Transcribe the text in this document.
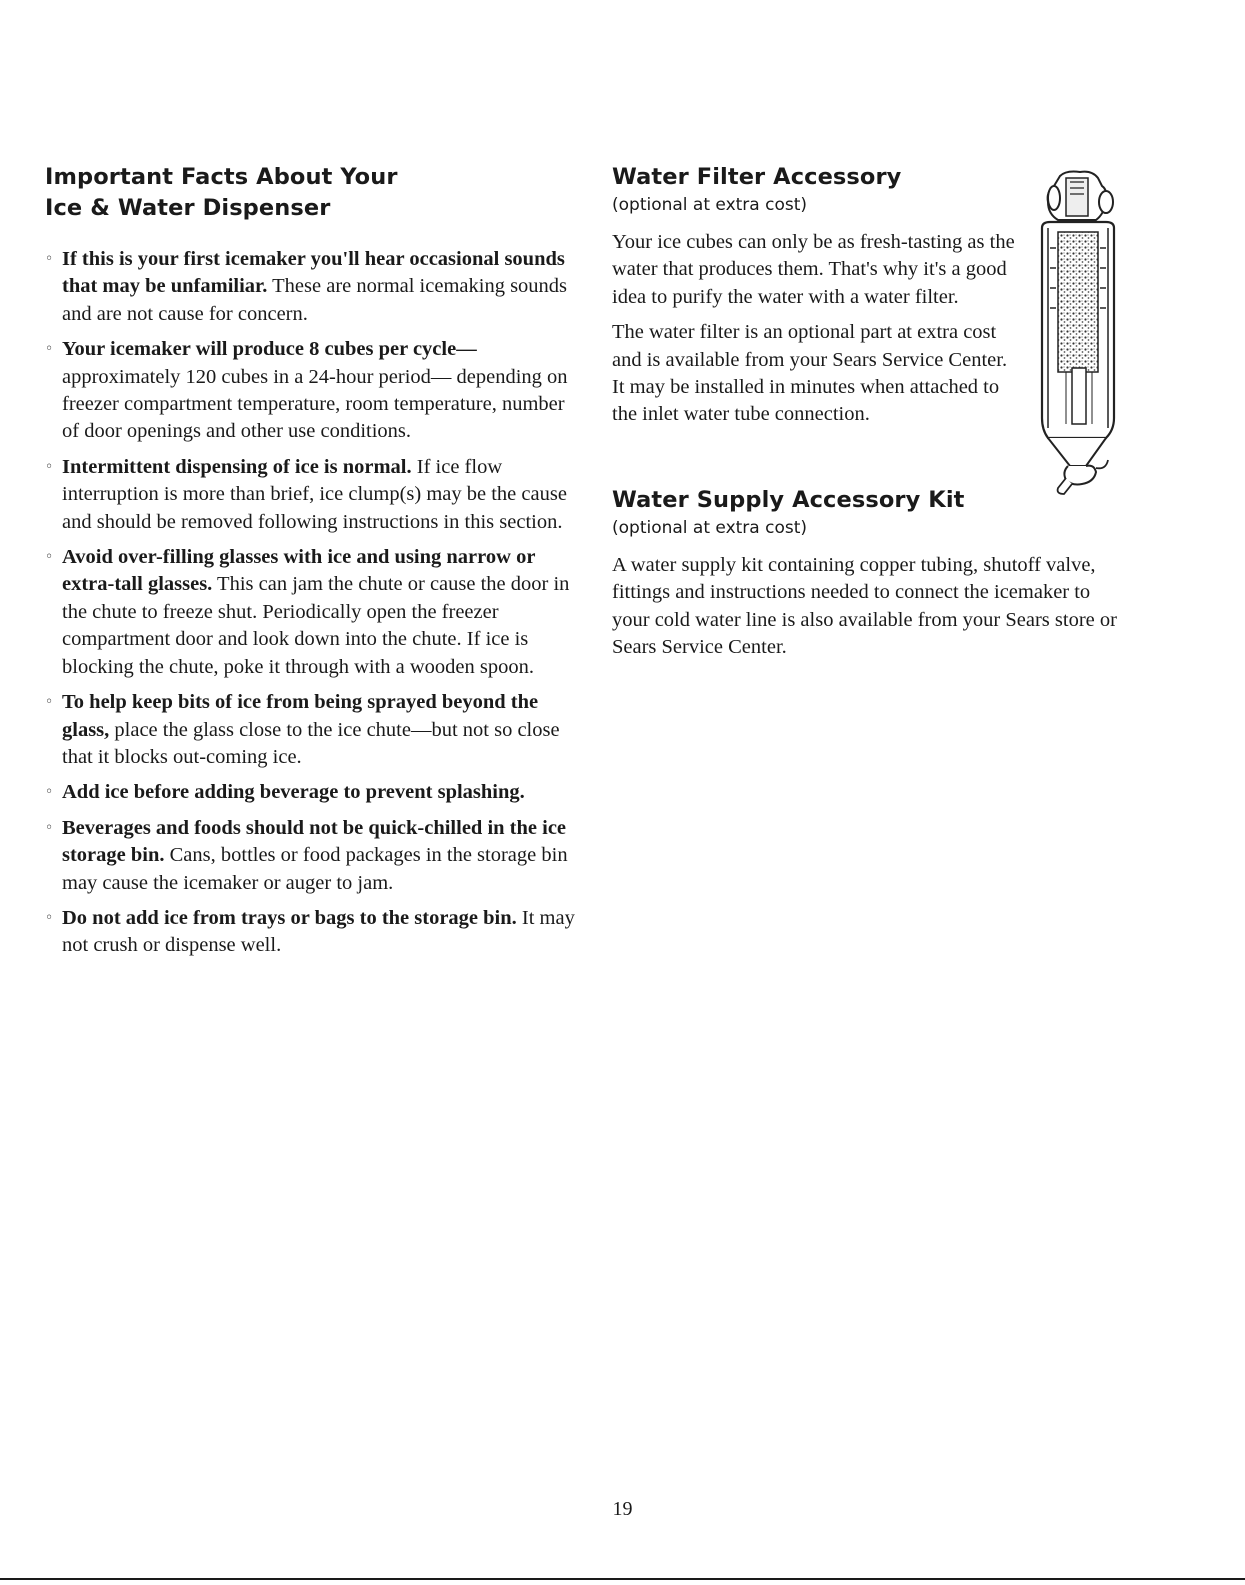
Important Facts About Your
Ice & Water Dispenser
◦ If this is your first icemaker you'll hear occasional sounds that may be unfamiliar. These are normal icemaking sounds and are not cause for concern.
◦ Your icemaker will produce 8 cubes per cycle— approximately 120 cubes in a 24-hour period— depending on freezer compartment temperature, room temperature, number of door openings and other use conditions.
◦ Intermittent dispensing of ice is normal. If ice flow interruption is more than brief, ice clump(s) may be the cause and should be removed following instructions in this section.
◦ Avoid over-filling glasses with ice and using narrow or extra-tall glasses. This can jam the chute or cause the door in the chute to freeze shut. Periodically open the freezer compartment door and look down into the chute. If ice is blocking the chute, poke it through with a wooden spoon.
◦ To help keep bits of ice from being sprayed beyond the glass, place the glass close to the ice chute—but not so close that it blocks out-coming ice.
◦ Add ice before adding beverage to prevent splashing.
◦ Beverages and foods should not be quick-chilled in the ice storage bin. Cans, bottles or food packages in the storage bin may cause the icemaker or auger to jam.
◦ Do not add ice from trays or bags to the storage bin. It may not crush or dispense well.
Water Filter Accessory

(optional at extra cost)

Your ice cubes can only be as fresh-tasting as the water that produces them. That's why it's a good idea to purify the water with a water filter.

The water filter is an optional part at extra cost and is available from your Sears Service Center. It may be installed in minutes when attached to the inlet water tube connection.

Water Supply Accessory Kit

(optional at extra cost)

A water supply kit containing copper tubing, shutoff valve, fittings and instructions needed to connect the icemaker to your cold water line is also available from your Sears store or Sears Service Center.

19
